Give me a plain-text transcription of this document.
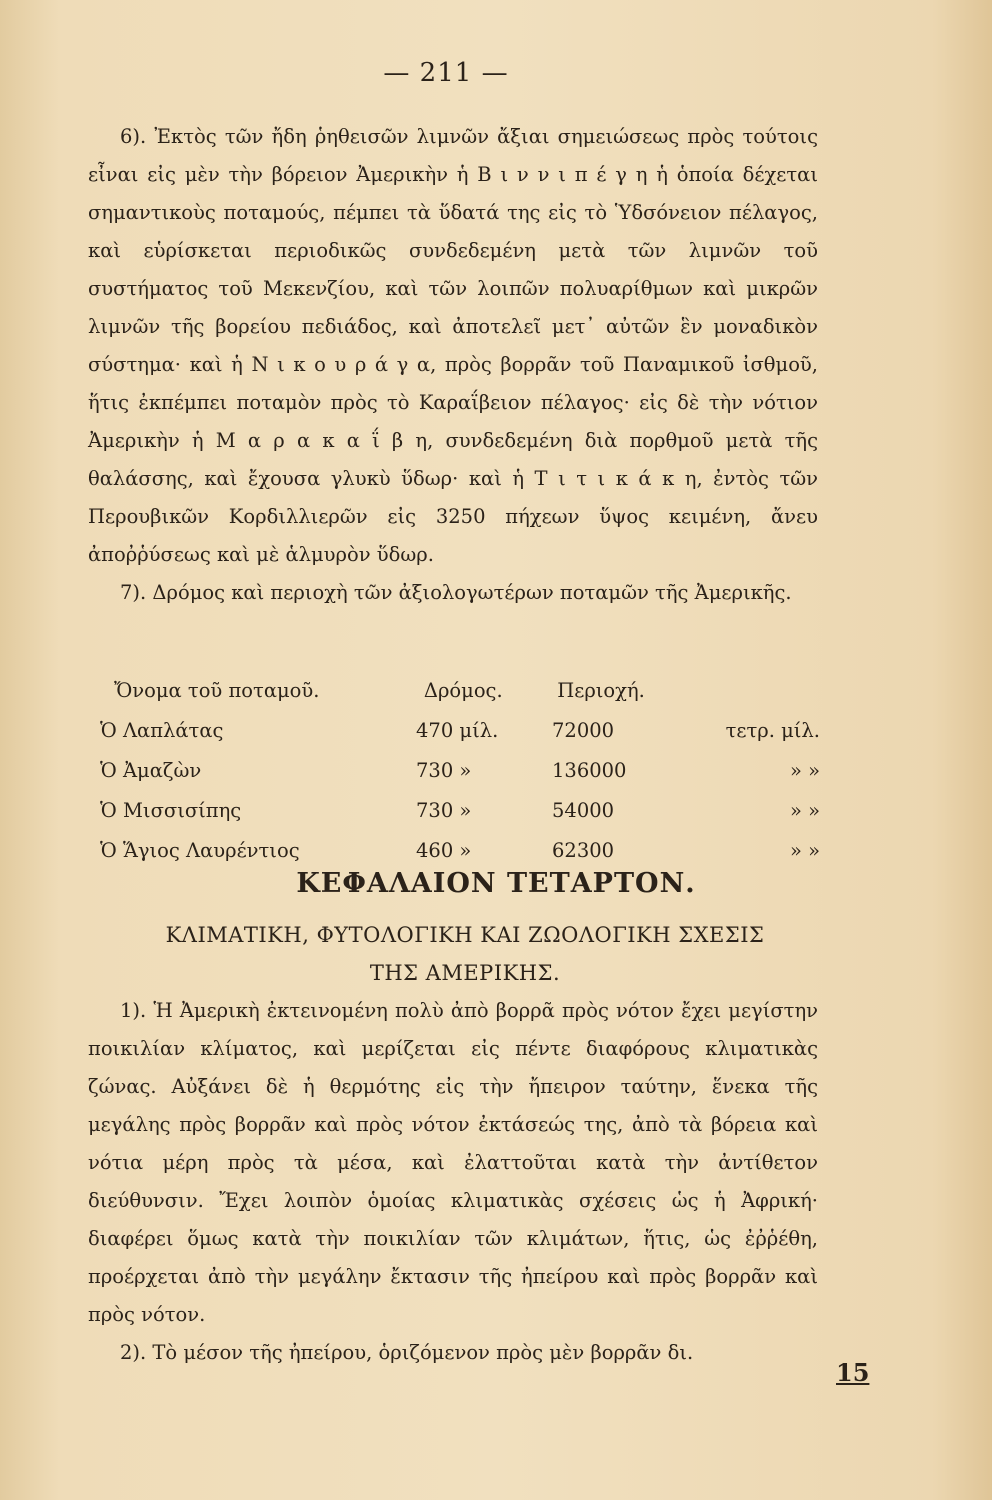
— 211 —

6). Ἐκτὸς τῶν ἤδη ῥηθεισῶν λιμνῶν ἄξιαι σημειώσεως πρὸς τούτοις εἶναι εἰς μὲν τὴν βόρειον Ἀμερικὴν ἡ Β ι ν ν ι π έ γ η ἡ ὁποία δέχεται σημαντικοὺς ποταμούς, πέμπει τὰ ὕδατά της εἰς τὸ Ὑδσόνειον πέλαγος, καὶ εὑρίσκεται περιοδικῶς συνδεδεμένη μετὰ τῶν λιμνῶν τοῦ συστήματος τοῦ Μεκενζίου, καὶ τῶν λοιπῶν πολυαρίθμων καὶ μικρῶν λιμνῶν τῆς βορείου πεδιάδος, καὶ ἀποτελεῖ μετ᾽ αὐτῶν ἓν μοναδικὸν σύστημα· καὶ ἡ Ν ι κ ο υ ρ ά γ α, πρὸς βορρᾶν τοῦ Παναμικοῦ ἰσθμοῦ, ἥτις ἐκπέμπει ποταμὸν πρὸς τὸ Καραΐβειον πέλαγος· εἰς δὲ τὴν νότιον Ἀμερικὴν ἡ Μ α ρ α κ α ΐ β η, συνδεδεμένη διὰ πορθμοῦ μετὰ τῆς θαλάσσης, καὶ ἔχουσα γλυκὺ ὕδωρ· καὶ ἡ Τ ι τ ι κ ά κ η, ἐντὸς τῶν Περουβικῶν Κορδιλλιερῶν εἰς 3250 πήχεων ὕψος κειμένη, ἄνευ ἀποῤῥύσεως καὶ μὲ ἁλμυρὸν ὕδωρ.

7). Δρόμος καὶ περιοχὴ τῶν ἀξιολογωτέρων ποταμῶν τῆς Ἀμερικῆς.

Ὄνομα τοῦ ποταμοῦ.	Δρόμος.	Περιοχή.
Ὁ Λαπλάτας	470 μίλ.	72000	τετρ. μίλ.
Ὁ Ἀμαζὼν	730 »	136000	» »
Ὁ Μισσισίπης	730 »	54000	» »
Ὁ Ἅγιος Λαυρέντιος	460 »	62300	» »
ΚΕΦΑΛΑΙΟΝ ΤΕΤΑΡΤΟΝ.
ΚΛΙΜΑΤΙΚΗ, ΦΥΤΟΛΟΓΙΚΗ ΚΑΙ ΖΩΟΛΟΓΙΚΗ ΣΧΕΣΙΣ
ΤΗΣ ΑΜΕΡΙΚΗΣ.

1). Ἡ Ἀμερικὴ ἐκτεινομένη πολὺ ἀπὸ βορρᾶ πρὸς νότον ἔχει μεγίστην ποικιλίαν κλίματος, καὶ μερίζεται εἰς πέντε διαφόρους κλιματικὰς ζώνας. Αὐξάνει δὲ ἡ θερμότης εἰς τὴν ἤπειρον ταύτην, ἕνεκα τῆς μεγάλης πρὸς βορρᾶν καὶ πρὸς νότον ἐκτάσεώς της, ἀπὸ τὰ βόρεια καὶ νότια μέρη πρὸς τὰ μέσα, καὶ ἐλαττοῦται κατὰ τὴν ἀντίθετον διεύθυνσιν. Ἔχει λοιπὸν ὁμοίας κλιματικὰς σχέσεις ὡς ἡ Ἀφρική· διαφέρει ὅμως κατὰ τὴν ποικιλίαν τῶν κλιμάτων, ἥτις, ὡς ἐῤῥέθη, προέρχεται ἀπὸ τὴν μεγάλην ἔκτασιν τῆς ἠπείρου καὶ πρὸς βορρᾶν καὶ πρὸς νότον.

2). Τὸ μέσον τῆς ἠπείρου, ὁριζόμενον πρὸς μὲν βορρᾶν δι.

15
